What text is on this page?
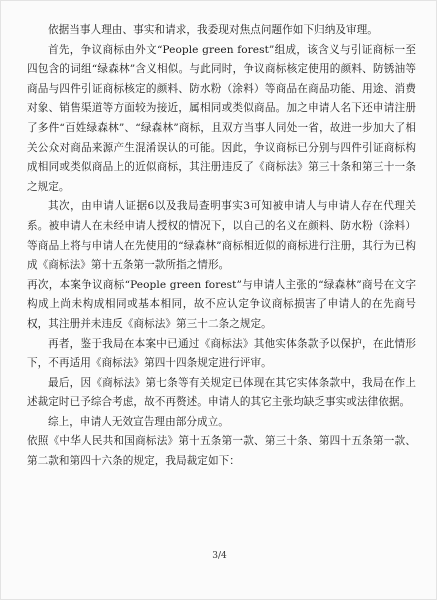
依据当事人理由、事实和请求，我委现对焦点问题作如下归纳及审理。

首先，争议商标由外文“People green forest”组成，该含义与引证商标一至四包含的词组“绿森林”含义相似。与此同时，争议商标核定使用的颜料、防锈油等商品与四件引证商标核定的颜料、防水粉（涂料）等商品在商品功能、用途、消费对象、销售渠道等方面较为接近，属相同或类似商品。加之申请人名下还申请注册了多件“百姓绿森林”、“绿森林”商标，且双方当事人同处一省，故进一步加大了相关公众对商品来源产生混淆误认的可能。因此，争议商标已分别与四件引证商标构成相同或类似商品上的近似商标，其注册违反了《商标法》第三十条和第三十一条之规定。

其次，由申请人证据6以及我局查明事实3可知被申请人与申请人存在代理关系。被申请人在未经申请人授权的情况下，以自己的名义在颜料、防水粉（涂料）等商品上将与申请人在先使用的“绿森林”商标相近似的商标进行注册，其行为已构成《商标法》第十五条第一款所指之情形。

再次，本案争议商标“People green forest”与申请人主张的“绿森林”商号在文字构成上尚未构成相同或基本相同，故不应认定争议商标损害了申请人的在先商号权，其注册并未违反《商标法》第三十二条之规定。

再者，鉴于我局在本案中已通过《商标法》其他实体条款予以保护，在此情形下，不再适用《商标法》第四十四条规定进行评审。

最后，因《商标法》第七条等有关规定已体现在其它实体条款中，我局在作上述裁定时已予综合考虑，故不再赘述。申请人的其它主张均缺乏事实或法律依据。

综上，申请人无效宣告理由部分成立。

依照《中华人民共和国商标法》第十五条第一款、第三十条、第四十五条第一款、第二款和第四十六条的规定，我局裁定如下：

3/4
